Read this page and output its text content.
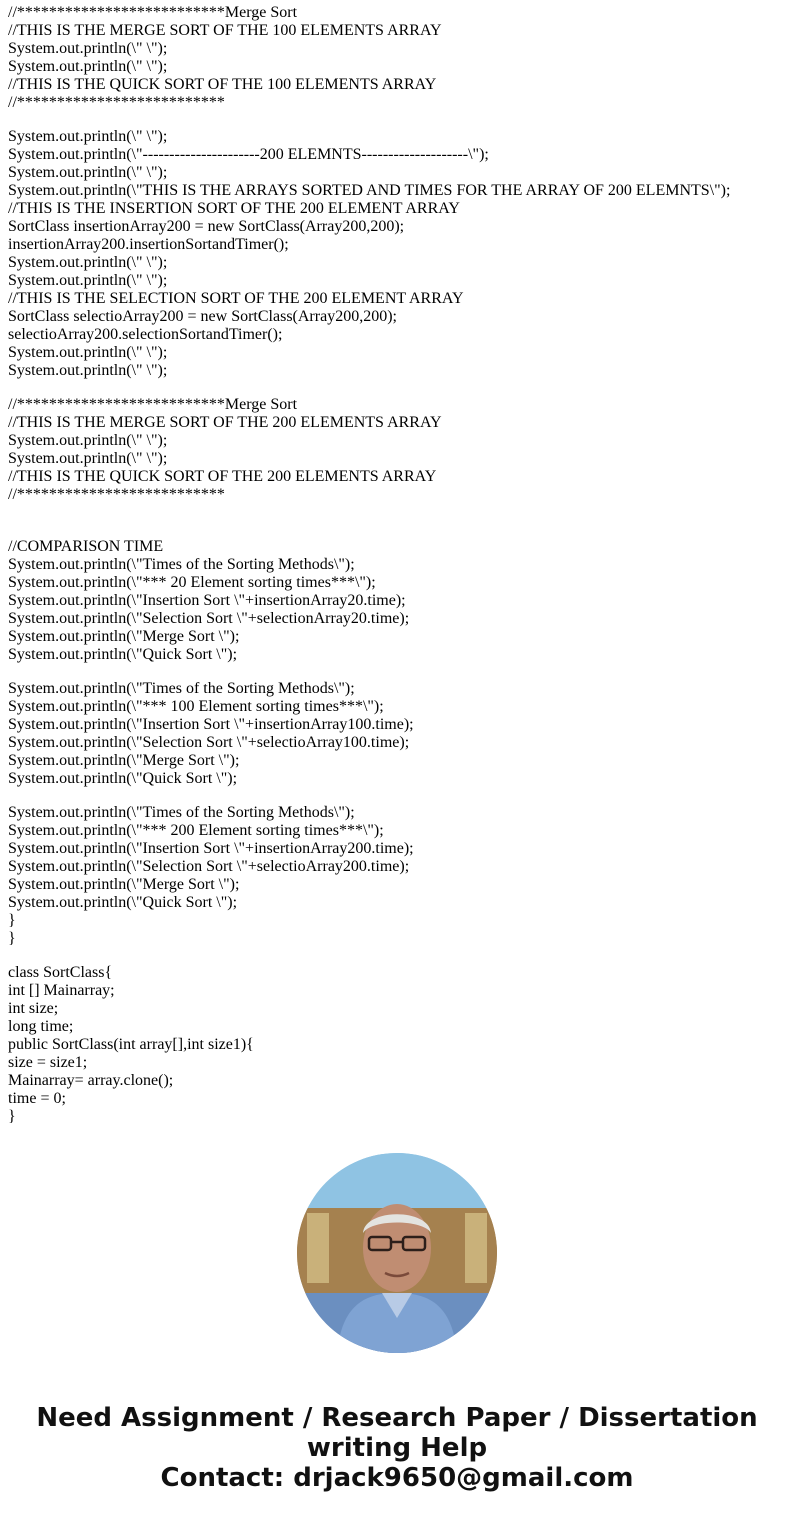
//**************************Merge Sort
//THIS IS THE MERGE SORT OF THE 100 ELEMENTS ARRAY
System.out.println(\" \");
System.out.println(\" \");
//THIS IS THE QUICK SORT OF THE 100 ELEMENTS ARRAY
//**************************
System.out.println(\" \");
System.out.println(\"----------------------200 ELEMNTS--------------------\");
System.out.println(\" \");
System.out.println(\"THIS IS THE ARRAYS SORTED AND TIMES FOR THE ARRAY OF 200 ELEMNTS\");
//THIS IS THE INSERTION SORT OF THE 200 ELEMENT ARRAY
SortClass insertionArray200 = new SortClass(Array200,200);
insertionArray200.insertionSortandTimer();
System.out.println(\" \");
System.out.println(\" \");
//THIS IS THE SELECTION SORT OF THE 200 ELEMENT ARRAY
SortClass selectioArray200 = new SortClass(Array200,200);
selectioArray200.selectionSortandTimer();
System.out.println(\" \");
System.out.println(\" \");
//**************************Merge Sort
//THIS IS THE MERGE SORT OF THE 200 ELEMENTS ARRAY
System.out.println(\" \");
System.out.println(\" \");
//THIS IS THE QUICK SORT OF THE 200 ELEMENTS ARRAY
//**************************
//COMPARISON TIME
System.out.println(\"Times of the Sorting Methods\");
System.out.println(\"*** 20 Element sorting times***\");
System.out.println(\"Insertion Sort \"+insertionArray20.time);
System.out.println(\"Selection Sort \"+selectionArray20.time);
System.out.println(\"Merge Sort \");
System.out.println(\"Quick Sort \");
System.out.println(\"Times of the Sorting Methods\");
System.out.println(\"*** 100 Element sorting times***\");
System.out.println(\"Insertion Sort \"+insertionArray100.time);
System.out.println(\"Selection Sort \"+selectioArray100.time);
System.out.println(\"Merge Sort \");
System.out.println(\"Quick Sort \");
System.out.println(\"Times of the Sorting Methods\");
System.out.println(\"*** 200 Element sorting times***\");
System.out.println(\"Insertion Sort \"+insertionArray200.time);
System.out.println(\"Selection Sort \"+selectioArray200.time);
System.out.println(\"Merge Sort \");
System.out.println(\"Quick Sort \");
}
}
class SortClass{
int [] Mainarray;
int size;
long time;
public SortClass(int array[],int size1){
size = size1;
Mainarray= array.clone();
time = 0;
}
Need Assignment / Research Paper / Dissertation
writing Help
Contact: drjack9650@gmail.com
